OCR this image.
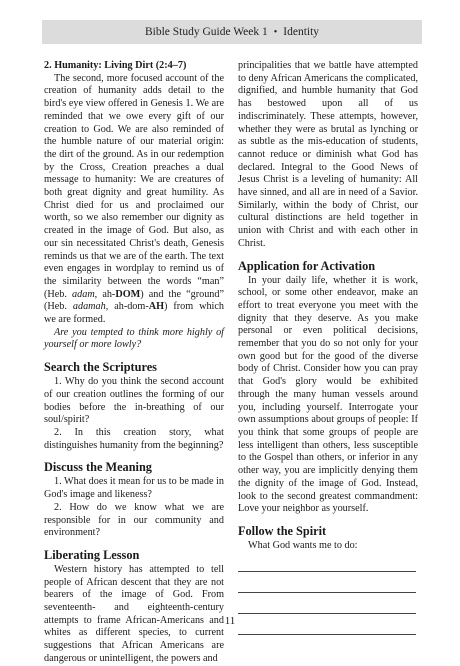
Bible Study Guide Week 1 • Identity

2. Humanity: Living Dirt (2:4–7)

The second, more focused account of the creation of humanity adds detail to the bird's eye view offered in Genesis 1. We are reminded that we owe every gift of our creation to God. We are also reminded of the humble nature of our material origin: the dirt of the ground. As in our redemption by the Cross, Creation preaches a dual message to humanity: We are creatures of both great dignity and great humility. As Christ died for us and proclaimed our worth, so we also remember our dignity as created in the image of God. But also, as our sin necessitated Christ's death, Genesis reminds us that we are of the earth. The text even engages in wordplay to remind us of the similarity between the words “man” (Heb. adam, ah-DOM) and the “ground” (Heb. adamah, ah-dom-AH) from which we are formed.

Are you tempted to think more highly of yourself or more lowly?

Search the Scriptures

1. Why do you think the second account of our creation outlines the forming of our bodies before the in-breathing of our soul/spirit?

2. In this creation story, what distinguishes humanity from the beginning?

Discuss the Meaning

1. What does it mean for us to be made in God's image and likeness?

2. How do we know what we are responsible for in our community and environment?

Liberating Lesson

Western history has attempted to tell people of African descent that they are not bearers of the image of God. From seventeenth- and eighteenth-century attempts to frame African-Americans and whites as different species, to current suggestions that African Americans are dangerous or unintelligent, the powers and

principalities that we battle have attempted to deny African Americans the complicated, dignified, and humble humanity that God has bestowed upon all of us indiscriminately. These attempts, however, whether they were as brutal as lynching or as subtle as the mis-education of students, cannot reduce or diminish what God has declared. Integral to the Good News of Jesus Christ is a leveling of humanity: All have sinned, and all are in need of a Savior. Similarly, within the body of Christ, our cultural distinctions are held together in union with Christ and with each other in Christ.

Application for Activation

In your daily life, whether it is work, school, or some other endeavor, make an effort to treat everyone you meet with the dignity that they deserve. As you make personal or even political decisions, remember that you do so not only for your own good but for the good of the diverse body of Christ. Consider how you can pray that God's glory would be exhibited through the many human vessels around you, including yourself. Interrogate your own assumptions about groups of people: If you think that some groups of people are less intelligent than others, less susceptible to the Gospel than others, or inferior in any other way, you are implicitly denying them the dignity of the image of God. Instead, look to the second greatest commandment: Love your neighbor as yourself.

Follow the Spirit

What God wants me to do:

11
